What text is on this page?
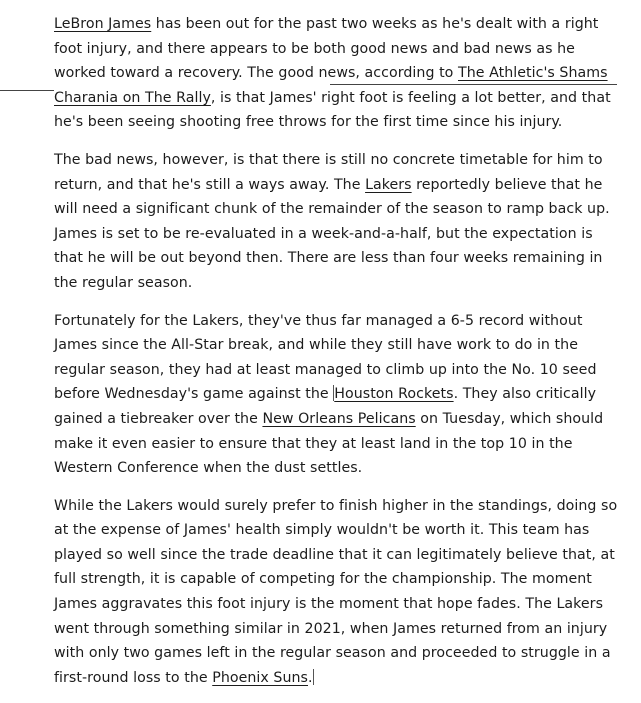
LeBron James has been out for the past two weeks as he's dealt with a right foot injury, and there appears to be both good news and bad news as he worked toward a recovery. The good news, according to The Athletic's Shams Charania on The Rally, is that James' right foot is feeling a lot better, and that he's been seeing shooting free throws for the first time since his injury.

The bad news, however, is that there is still no concrete timetable for him to return, and that he's still a ways away. The Lakers reportedly believe that he will need a significant chunk of the remainder of the season to ramp back up. James is set to be re-evaluated in a week-and-a-half, but the expectation is that he will be out beyond then. There are less than four weeks remaining in the regular season.

Fortunately for the Lakers, they've thus far managed a 6-5 record without James since the All-Star break, and while they still have work to do in the regular season, they had at least managed to climb up into the No. 10 seed before Wednesday's game against the Houston Rockets. They also critically gained a tiebreaker over the New Orleans Pelicans on Tuesday, which should make it even easier to ensure that they at least land in the top 10 in the Western Conference when the dust settles.

While the Lakers would surely prefer to finish higher in the standings, doing so at the expense of James' health simply wouldn't be worth it. This team has played so well since the trade deadline that it can legitimately believe that, at full strength, it is capable of competing for the championship. The moment James aggravates this foot injury is the moment that hope fades. The Lakers went through something similar in 2021, when James returned from an injury with only two games left in the regular season and proceeded to struggle in a first-round loss to the Phoenix Suns.
